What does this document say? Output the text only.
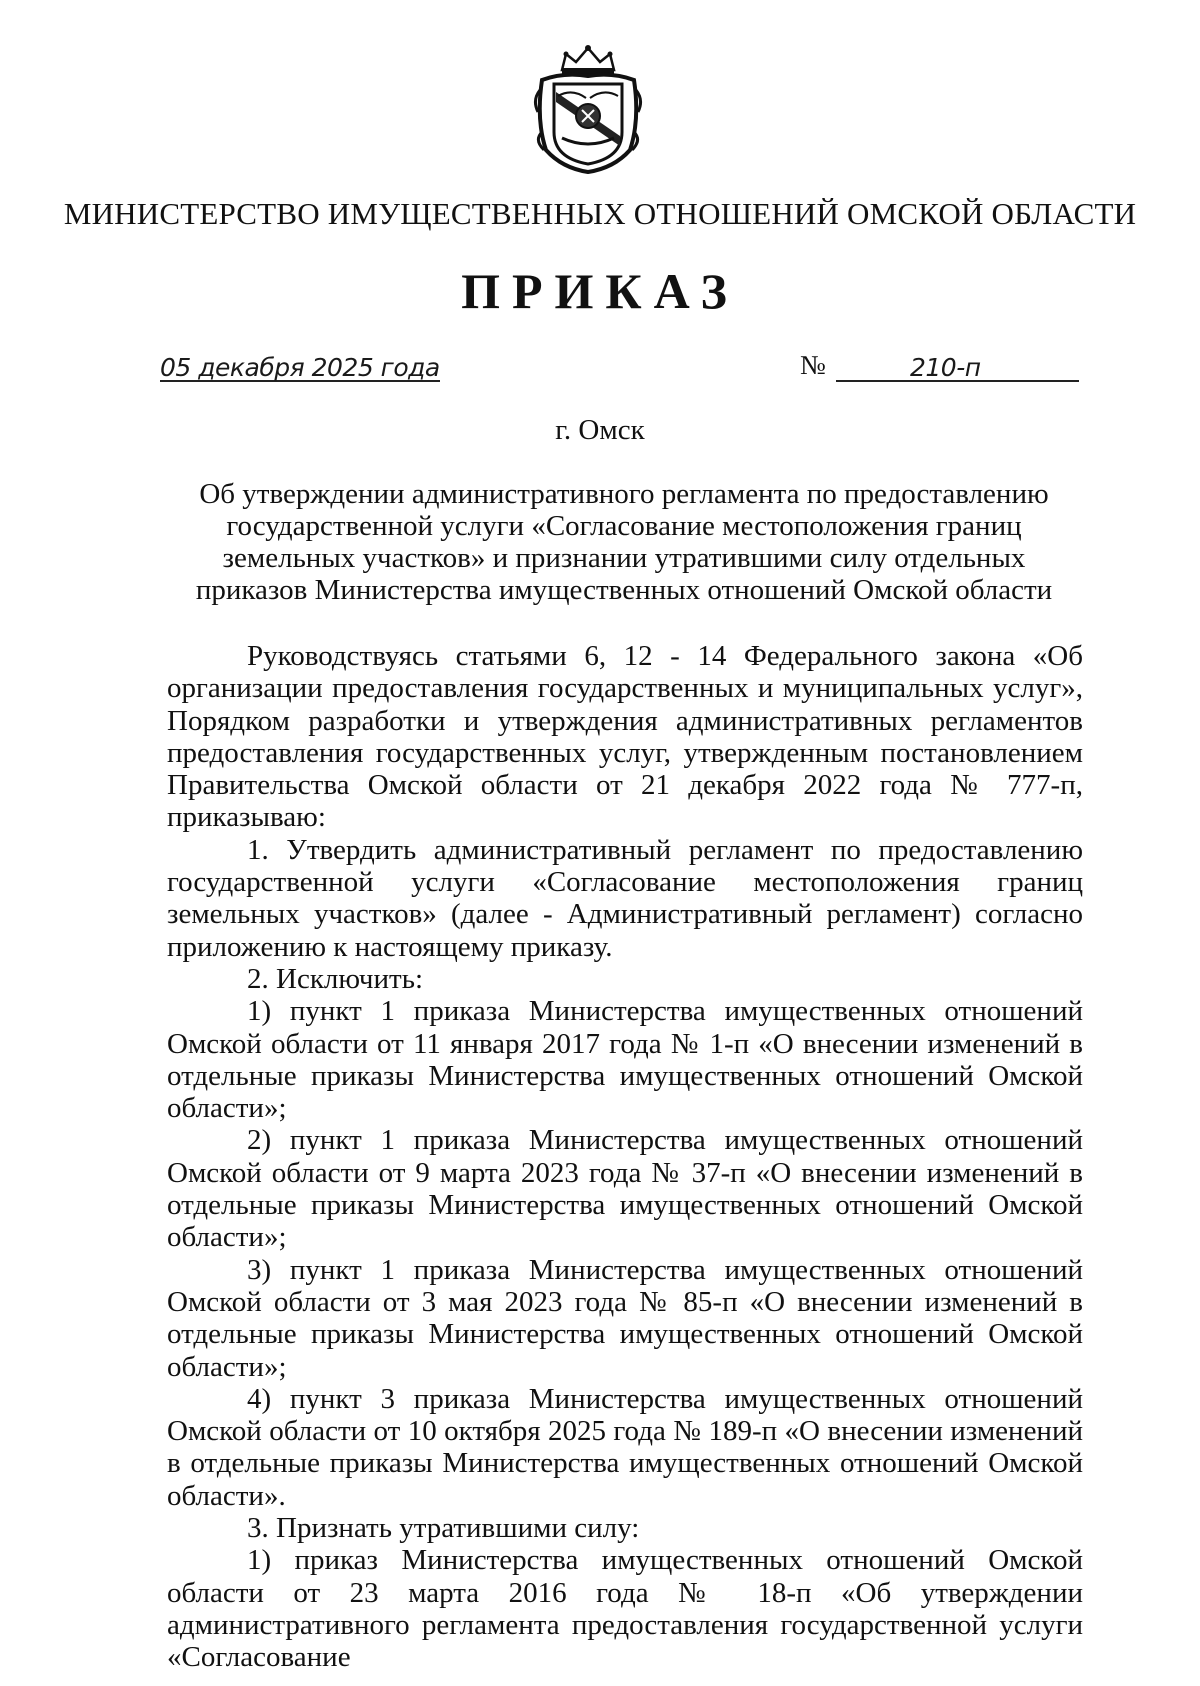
МИНИСТЕРСТВО ИМУЩЕСТВЕННЫХ ОТНОШЕНИЙ ОМСКОЙ ОБЛАСТИ
ПРИКАЗ
05 декабря 2025 года	№	210-п
г. Омск
Об утверждении административного регламента по предоставлению государственной услуги «Согласование местоположения границ земельных участков» и признании утратившими силу отдельных приказов Министерства имущественных отношений Омской области

Руководствуясь статьями 6, 12 - 14 Федерального закона «Об организации предоставления государственных и муниципальных услуг», Порядком разработки и утверждения административных регламентов предоставления государственных услуг, утвержденным постановлением Правительства Омской области от 21 декабря 2022 года № 777-п, приказываю:

1. Утвердить административный регламент по предоставлению государственной услуги «Согласование местоположения границ земельных участков» (далее - Административный регламент) согласно приложению к настоящему приказу.

2. Исключить:

1) пункт 1 приказа Министерства имущественных отношений Омской области от 11 января 2017 года № 1-п «О внесении изменений в отдельные приказы Министерства имущественных отношений Омской области»;

2) пункт 1 приказа Министерства имущественных отношений Омской области от 9 марта 2023 года № 37-п «О внесении изменений в отдельные приказы Министерства имущественных отношений Омской области»;

3) пункт 1 приказа Министерства имущественных отношений Омской области от 3 мая 2023 года № 85-п «О внесении изменений в отдельные приказы Министерства имущественных отношений Омской области»;

4) пункт 3 приказа Министерства имущественных отношений Омской области от 10 октября 2025 года № 189-п «О внесении изменений в отдельные приказы Министерства имущественных отношений Омской области».

3. Признать утратившими силу:

1) приказ Министерства имущественных отношений Омской области от 23 марта 2016 года № 18-п «Об утверждении административного регламента предоставления государственной услуги «Согласование
